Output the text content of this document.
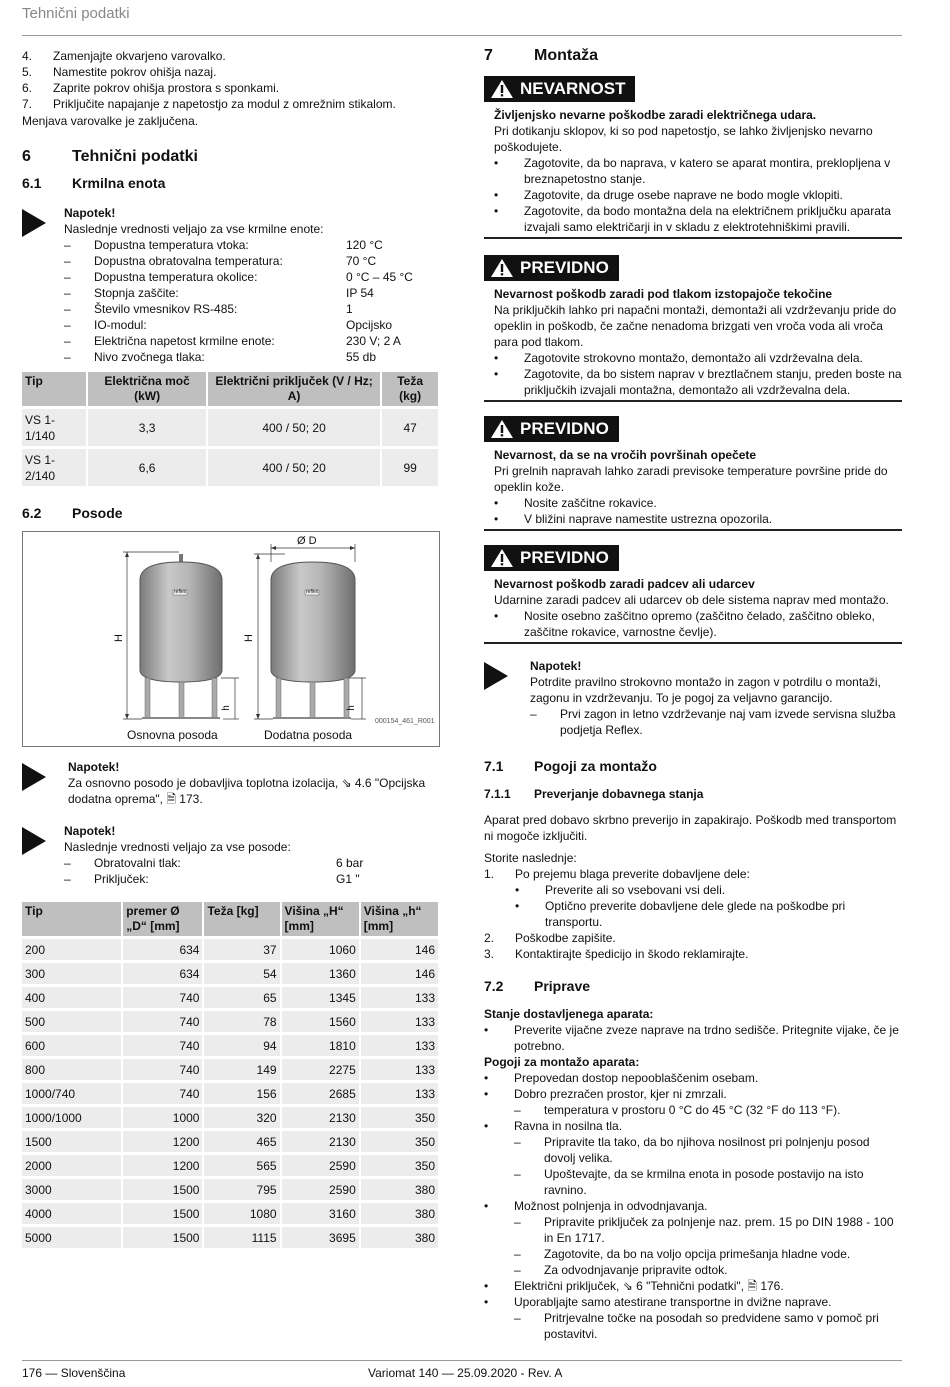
Tehnični podatki
4.	Zamenjajte okvarjeno varovalko.
5.	Namestite pokrov ohišja nazaj.
6.	Zaprite pokrov ohišja prostora s sponkami.
7.	Priključite napajanje z napetostjo za modul z omrežnim stikalom.
Menjava varovalke je zaključena.
6	Tehnični podatki
6.1	Krmilna enota
Napotek!
Naslednje vrednosti veljajo za vse krmilne enote:
–	Dopustna temperatura vtoka:	120 °C
–	Dopustna obratovalna temperatura:	70 °C
–	Dopustna temperatura okolice:	0 °C – 45 °C
–	Stopnja zaščite:	IP 54
–	Število vmesnikov RS-485:	1
–	IO-modul:	Opcijsko
–	Električna napetost krmilne enote:	230 V; 2 A
–	Nivo zvočnega tlaka:	55 db
Tip	Električna moč (kW)	Električni priključek (V / Hz; A)	Teža (kg)
VS 1-1/140	3,3	400 / 50; 20	47
VS 1-2/140	6,6	400 / 50; 20	99
6.2	Posode
Ø D
H	H
h	h
reflex	reflex
000154_461_R001
Osnovna posoda	Dodatna posoda
Napotek!
Za osnovno posodo je dobavljiva toplotna izolacija, ⇘ 4.6 "Opcijska dodatna oprema", 🗎 173.
Napotek!
Naslednje vrednosti veljajo za vse posode:
–	Obratovalni tlak:	6 bar
–	Priključek:	G1 "
Tip	premer Ø „D“ [mm]	Teža [kg]	Višina „H“ [mm]	Višina „h“ [mm]
200	634	37	1060	146
300	634	54	1360	146
400	740	65	1345	133
500	740	78	1560	133
600	740	94	1810	133
800	740	149	2275	133
1000/740	740	156	2685	133
1000/1000	1000	320	2130	350
1500	1200	465	2130	350
2000	1200	565	2590	350
3000	1500	795	2590	380
4000	1500	1080	3160	380
5000	1500	1115	3695	380
7	Montaža
NEVARNOST
Življenjsko nevarne poškodbe zaradi električnega udara.
Pri dotikanju sklopov, ki so pod napetostjo, se lahko življenjsko nevarno poškodujete.
•	Zagotovite, da bo naprava, v katero se aparat montira, preklopljena v breznapetostno stanje.
•	Zagotovite, da druge osebe naprave ne bodo mogle vklopiti.
•	Zagotovite, da bodo montažna dela na električnem priključku aparata izvajali samo električarji in v skladu z elektrotehniškimi pravili.
PREVIDNO
Nevarnost poškodb zaradi pod tlakom izstopajoče tekočine
Na priključkih lahko pri napačni montaži, demontaži ali vzdrževanju pride do opeklin in poškodb, če začne nenadoma brizgati ven vroča voda ali vroča para pod tlakom.
•	Zagotovite strokovno montažo, demontažo ali vzdrževalna dela.
•	Zagotovite, da bo sistem naprav v breztlačnem stanju, preden boste na priključkih izvajali montažna, demontažo ali vzdrževalna dela.
PREVIDNO
Nevarnost, da se na vročih površinah opečete
Pri grelnih napravah lahko zaradi previsoke temperature površine pride do opeklin kože.
•	Nosite zaščitne rokavice.
•	V bližini naprave namestite ustrezna opozorila.
PREVIDNO
Nevarnost poškodb zaradi padcev ali udarcev
Udarnine zaradi padcev ali udarcev ob dele sistema naprav med montažo.
•	Nosite osebno zaščitno opremo (zaščitno čelado, zaščitno obleko, zaščitne rokavice, varnostne čevlje).
Napotek!
Potrdite pravilno strokovno montažo in zagon v potrdilu o montaži, zagonu in vzdrževanju. To je pogoj za veljavno garancijo.
–	Prvi zagon in letno vzdrževanje naj vam izvede servisna služba podjetja Reflex.
7.1	Pogoji za montažo
7.1.1	Preverjanje dobavnega stanja
Aparat pred dobavo skrbno preverijo in zapakirajo. Poškodb med transportom ni mogoče izključiti.
Storite naslednje:
1.	Po prejemu blaga preverite dobavljene dele:
•	Preverite ali so vsebovani vsi deli.
•	Optično preverite dobavljene dele glede na poškodbe pri transportu.
2.	Poškodbe zapišite.
3.	Kontaktirajte špedicijo in škodo reklamirajte.
7.2	Priprave
Stanje dostavljenega aparata:
•	Preverite vijačne zveze naprave na trdno sedišče. Pritegnite vijake, če je potrebno.
Pogoji za montažo aparata:
•	Prepovedan dostop nepooblaščenim osebam.
•	Dobro prezračen prostor, kjer ni zmrzali.
–	temperatura v prostoru 0 °C do 45 °C (32 °F do 113 °F).
•	Ravna in nosilna tla.
–	Pripravite tla tako, da bo njihova nosilnost pri polnjenju posod dovolj velika.
–	Upoštevajte, da se krmilna enota in posode postavijo na isto ravnino.
•	Možnost polnjenja in odvodnjavanja.
–	Pripravite priključek za polnjenje naz. prem. 15 po DIN 1988 - 100 in En 1717.
–	Zagotovite, da bo na voljo opcija primešanja hladne vode.
–	Za odvodnjavanje pripravite odtok.
•	Električni priključek, ⇘ 6 "Tehnični podatki", 🗎 176.
•	Uporabljajte samo atestirane transportne in dvižne naprave.
–	Pritrjevalne točke na posodah so predvidene samo v pomoč pri postavitvi.
176 — Slovenščina	Variomat 140 — 25.09.2020 - Rev. A
